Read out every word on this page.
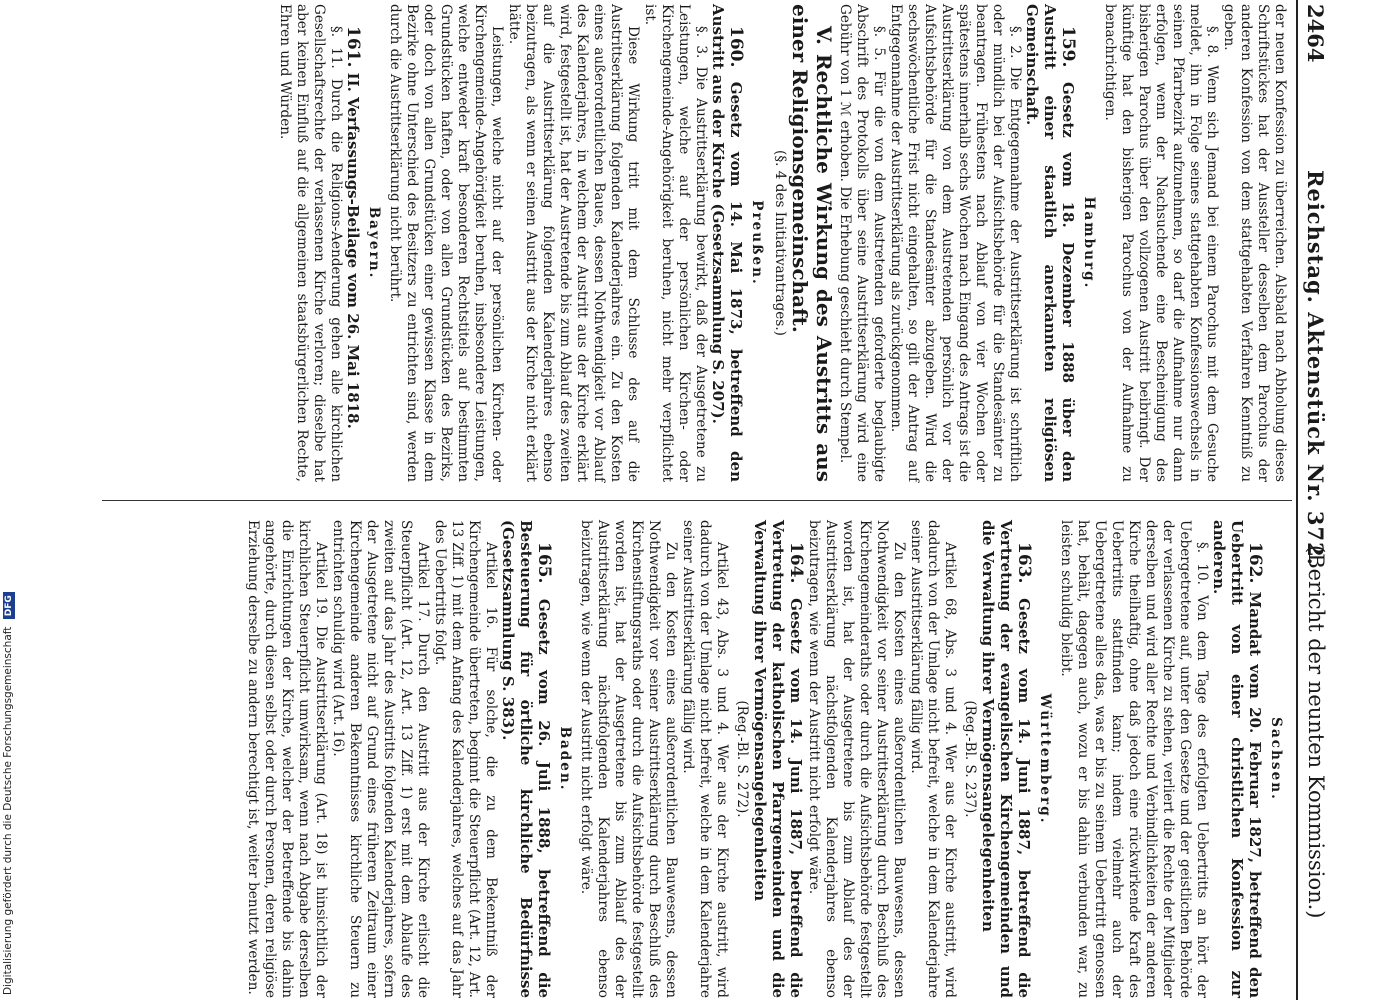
2464
Reichstag. Aktenstück Nr. 372.
(Bericht der neunten Kommission.)

der neuen Konfession zu überreichen. Alsbald nach Abholung dieses Schriftstückes hat der Aussteller desselben dem Parochus der anderen Konfession von dem stattgehabten Verfahren Kenntniß zu geben.

§. 8. Wenn sich Jemand bei einem Parochus mit dem Gesuche meldet, ihn in Folge seines stattgehabten Konfessionswechsels in seinen Pfarrbezirk aufzunehmen, so darf die Aufnahme nur dann erfolgen, wenn der Nachsuchende eine Bescheinigung des bisherigen Parochus über den vollzogenen Austritt beibringt. Der künftige hat den bisherigen Parochus von der Aufnahme zu benachrichtigen.

Hamburg.

159. Gesetz vom 18. Dezember 1888 über den Austritt einer staatlich anerkannten religiösen Gemeinschaft.

§. 2. Die Entgegennahme der Austrittserklärung ist schriftlich oder mündlich bei der Aufsichtsbehörde für die Standesämter zu beantragen. Frühestens nach Ablauf von vier Wochen oder spätestens innerhalb sechs Wochen nach Eingang des Antrags ist die Austrittserklärung von dem Austretenden persönlich vor der Aufsichtsbehörde für die Standesämter abzugeben. Wird die sechswöchentliche Frist nicht eingehalten, so gilt der Antrag auf Entgegennahme der Austrittserklärung als zurückgenommen.

§. 5. Für die von dem Austretenden geforderte beglaubigte Abschrift des Protokolls über seine Austrittserklärung wird eine Gebühr von 1 ℳ erhoben. Die Erhebung geschieht durch Stempel.

V. Rechtliche Wirkung des Austritts aus einer Religionsgemeinschaft.

(§. 4 des Initiativantrages.)
Preußen.

160. Gesetz vom 14. Mai 1873, betreffend den Austritt aus der Kirche (Gesetzsammlung S. 207).

§. 3. Die Austrittserklärung bewirkt, daß der Ausgetretene zu Leistungen, welche auf der persönlichen Kirchen- oder Kirchengemeinde-Angehörigkeit beruhen, nicht mehr verpflichtet ist.

Diese Wirkung tritt mit dem Schlusse des auf die Austrittserklärung folgenden Kalenderjahres ein. Zu den Kosten eines außerordentlichen Baues, dessen Nothwendigkeit vor Ablauf des Kalenderjahres, in welchem der Austritt aus der Kirche erklärt wird, festgestellt ist, hat der Austretende bis zum Ablauf des zweiten auf die Austrittserklärung folgenden Kalenderjahres ebenso beizutragen, als wenn er seinen Austritt aus der Kirche nicht erklärt hätte.

Leistungen, welche nicht auf der persönlichen Kirchen- oder Kirchengemeinde-Angehörigkeit beruhen, insbesondere Leistungen, welche entweder kraft besonderen Rechtstitels auf bestimmten Grundstücken haften, oder von allen Grundstücken des Bezirks, oder doch von allen Grundstücken einer gewissen Klasse in dem Bezirke ohne Unterschied des Besitzers zu entrichten sind, werden durch die Austrittserklärung nicht berührt.

Bayern.

161. II. Verfassungs-Beilage vom 26. Mai 1818.

§. 11. Durch die Religions-Aenderung gehen alle kirchlichen Gesellschaftsrechte der verlassenen Kirche verloren; dieselbe hat aber keinen Einfluß auf die allgemeinen staatsbürgerlichen Rechte, Ehren und Würden.

Sachsen.

162. Mandat vom 20. Februar 1827, betreffend den Uebertritt von einer christlichen Konfession zur anderen.

§. 10. Von dem Tage des erfolgten Uebertritts an hört der Uebergetretene auf, unter den Gesetze und der geistlichen Behörde der verlassenen Kirche zu stehen, verliert die Rechte der Mitglieder derselben und wird aller Rechte und Verbindlichkeiten der anderen Kirche theilhaftig, ohne daß jedoch eine rückwirkende Kraft des Uebertritts stattfinden kann; indem vielmehr auch der Uebergetretene alles das, was er bis zu seinem Uebertritt genossen hat, behält, dagegen auch, wozu er bis dahin verbunden war, zu leisten schuldig bleibt.

Württemberg.

163. Gesetz vom 14. Juni 1887, betreffend die Vertretung der evangelischen Kirchengemeinden und die Verwaltung ihrer Vermögensangelegenheiten

(Reg.-Bl. S. 237).

Artikel 68, Abs. 3 und 4. Wer aus der Kirche austritt, wird dadurch von der Umlage nicht befreit, welche in dem Kalenderjahre seiner Austrittserklärung fällig wird.

Zu den Kosten eines außerordentlichen Bauwesens, dessen Nothwendigkeit vor seiner Austrittserklärung durch Beschluß des Kirchengemeinderaths oder durch die Aufsichtsbehörde festgestellt worden ist, hat der Ausgetretene bis zum Ablauf des der Austrittserklärung nächstfolgenden Kalenderjahres ebenso beizutragen, wie wenn der Austritt nicht erfolgt wäre.

164. Gesetz vom 14. Juni 1887, betreffend die Vertretung der katholischen Pfarrgemeinden und die Verwaltung ihrer Vermögensangelegenheiten

(Reg.-Bl. S. 272).

Artikel 43, Abs. 3 und 4. Wer aus der Kirche austritt, wird dadurch von der Umlage nicht befreit, welche in dem Kalenderjahre seiner Austrittserklärung fällig wird.

Zu den Kosten eines außerordentlichen Bauwesens, dessen Nothwendigkeit vor seiner Austrittserklärung durch Beschluß des Kirchenstiftungsraths oder durch die Aufsichtsbehörde festgestellt worden ist, hat der Ausgetretene bis zum Ablauf des der Austrittserklärung nächstfolgenden Kalenderjahres ebenso beizutragen, wie wenn der Austritt nicht erfolgt wäre.

Baden.

165. Gesetz vom 26. Juli 1888, betreffend die Besteuerung für örtliche kirchliche Bedürfnisse (Gesetzsammlung S. 383).

Artikel 16. Für solche, die zu dem Bekenntniß der Kirchengemeinde übertreten, beginnt die Steuerpflicht (Art. 12, Art. 13 Ziff. 1) mit dem Anfang des Kalenderjahres, welches auf das Jahr des Uebertritts folgt.

Artikel 17. Durch den Austritt aus der Kirche erlischt die Steuerpflicht (Art. 12, Art. 13 Ziff. 1) erst mit dem Ablaufe des zweiten auf das Jahr des Austritts folgenden Kalenderjahres, sofern der Ausgetretene nicht auf Grund eines früheren Zeitraum einer Kirchengemeinde anderen Bekenntnisses kirchliche Steuern zu entrichten schuldig wird (Art. 16).

Artikel 19. Die Austrittserklärung (Art. 18) ist hinsichtlich der kirchlichen Steuerpflicht umwirksam, wenn nach Abgabe derselben die Einrichtungen der Kirche, welcher der Betreffende bis dahin angehörte, durch diesen selbst oder durch Personen, deren religiöse Erziehung derselbe zu andern berechtigt ist, weiter benutzt werden.

Digitalisierung gefördert durch die Deutsche Forschungsgemeinschaft DFG
